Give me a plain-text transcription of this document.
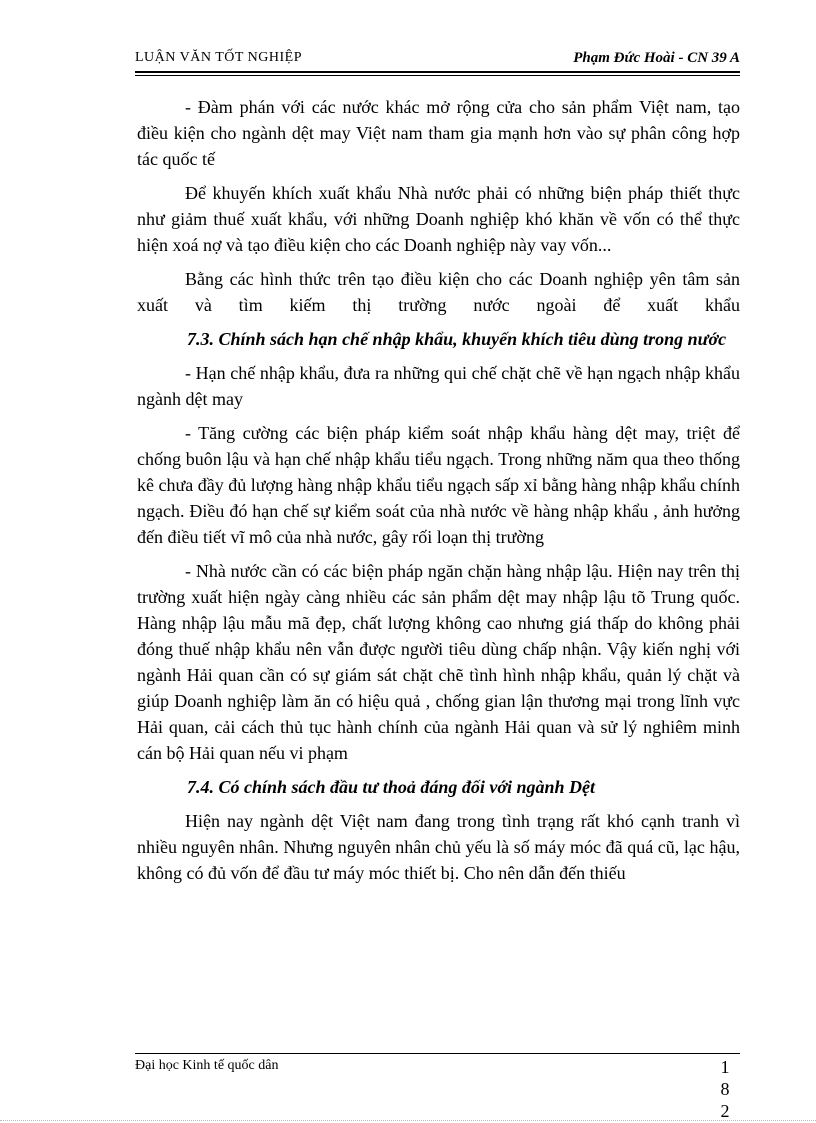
LUẬN VĂN TỐT NGHIỆP	Phạm Đức Hoài - CN 39 A

- Đàm phán với các nước khác mở rộng cửa cho sản phẩm Việt nam, tạo điều kiện cho ngành dệt may Việt nam tham gia mạnh hơn vào sự phân công hợp tác quốc tế

Để khuyến khích xuất khẩu Nhà nước phải có những biện pháp thiết thực như giảm thuế xuất khẩu, với những Doanh nghiệp khó khăn về vốn có thể thực hiện xoá nợ và tạo điều kiện cho các Doanh nghiệp này vay vốn...

Bằng các hình thức trên tạo điều kiện cho các Doanh nghiệp yên tâm sản xuất và tìm kiếm thị trường nước ngoài để xuất khẩu

7.3. Chính sách hạn chế nhập khẩu, khuyến khích tiêu dùng trong nước

- Hạn chế nhập khẩu, đưa ra những qui chế chặt chẽ về hạn ngạch nhập khẩu ngành dệt may

- Tăng cường các biện pháp kiểm soát nhập khẩu hàng dệt may, triệt để chống buôn lậu và hạn chế nhập khẩu tiểu ngạch. Trong những năm qua theo thống kê chưa đầy đủ lượng hàng nhập khẩu tiểu ngạch sấp xỉ bằng hàng nhập khẩu chính ngạch. Điều đó hạn chế sự kiểm soát của nhà nước về hàng nhập khẩu , ảnh hưởng đến điều tiết vĩ mô của nhà nước, gây rối loạn thị trường

- Nhà nước cần có các biện pháp ngăn chặn hàng nhập lậu. Hiện nay trên thị trường xuất hiện ngày càng nhiều các sản phẩm dệt may nhập lậu tõ Trung quốc. Hàng nhập lậu mẫu mã đẹp, chất lượng không cao nhưng giá thấp do không phải đóng thuế nhập khẩu nên vẫn được người tiêu dùng chấp nhận. Vậy kiến nghị với ngành Hải quan cần có sự giám sát chặt chẽ tình hình nhập khẩu, quản lý chặt và giúp Doanh nghiệp làm ăn có hiệu quả , chống gian lận thương mại trong lĩnh vực Hải quan, cải cách thủ tục hành chính của ngành Hải quan và sử lý nghiêm minh cán bộ Hải quan nếu vi phạm

7.4. Có chính sách đầu tư thoả đáng đối với ngành Dệt

Hiện nay ngành dệt Việt nam đang trong tình trạng rất khó cạnh tranh vì nhiều nguyên nhân. Nhưng nguyên nhân chủ yếu là số máy móc đã quá cũ, lạc hậu, không có đủ vốn để đầu tư máy móc thiết bị. Cho nên dẫn đến thiếu

Đại học Kinh tế quốc dân	1
8
2
